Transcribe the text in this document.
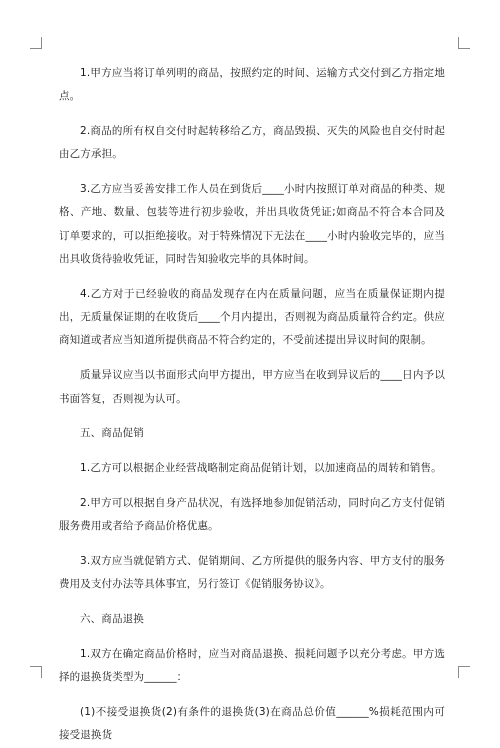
1.甲方应当将订单列明的商品，按照约定的时间、运输方式交付到乙方指定地点。

2.商品的所有权自交付时起转移给乙方，商品毁损、灭失的风险也自交付时起由乙方承担。

3.乙方应当妥善安排工作人员在到货后____小时内按照订单对商品的种类、规格、产地、数量、包装等进行初步验收，并出具收货凭证;如商品不符合本合同及订单要求的，可以拒绝接收。对于特殊情况下无法在____小时内验收完毕的，应当出具收货待验收凭证，同时告知验收完毕的具体时间。

4.乙方对于已经验收的商品发现存在内在质量问题，应当在质量保证期内提出，无质量保证期的在收货后____个月内提出，否则视为商品质量符合约定。供应商知道或者应当知道所提供商品不符合约定的，不受前述提出异议时间的限制。

质量异议应当以书面形式向甲方提出，甲方应当在收到异议后的____日内予以书面答复，否则视为认可。

五、商品促销

1.乙方可以根据企业经营战略制定商品促销计划，以加速商品的周转和销售。

2.甲方可以根据自身产品状况，有选择地参加促销活动，同时向乙方支付促销服务费用或者给予商品价格优惠。

3.双方应当就促销方式、促销期间、乙方所提供的服务内容、甲方支付的服务费用及支付办法等具体事宜，另行签订《促销服务协议》。

六、商品退换

1.双方在确定商品价格时，应当对商品退换、损耗问题予以充分考虑。甲方选择的退换货类型为______：

(1)不接受退换货(2)有条件的退换货(3)在商品总价值______%损耗范围内可接受退换货
